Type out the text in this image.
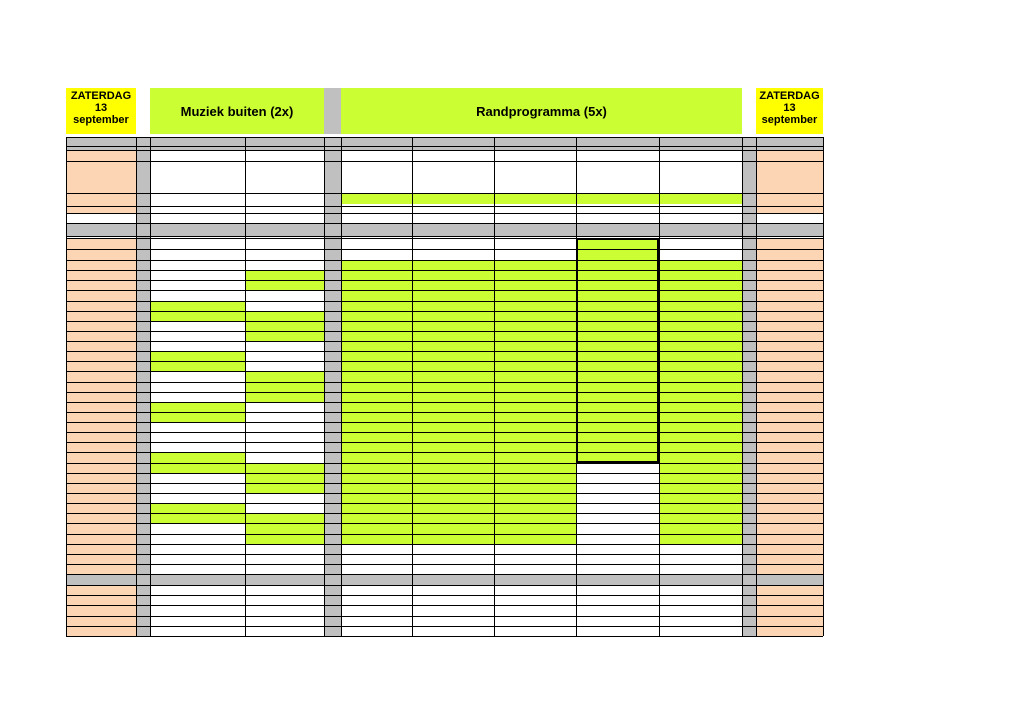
ZATERDAG
13
september
Muziek buiten (2x)	Randprogramma (5x)
ZATERDAG
13
september
